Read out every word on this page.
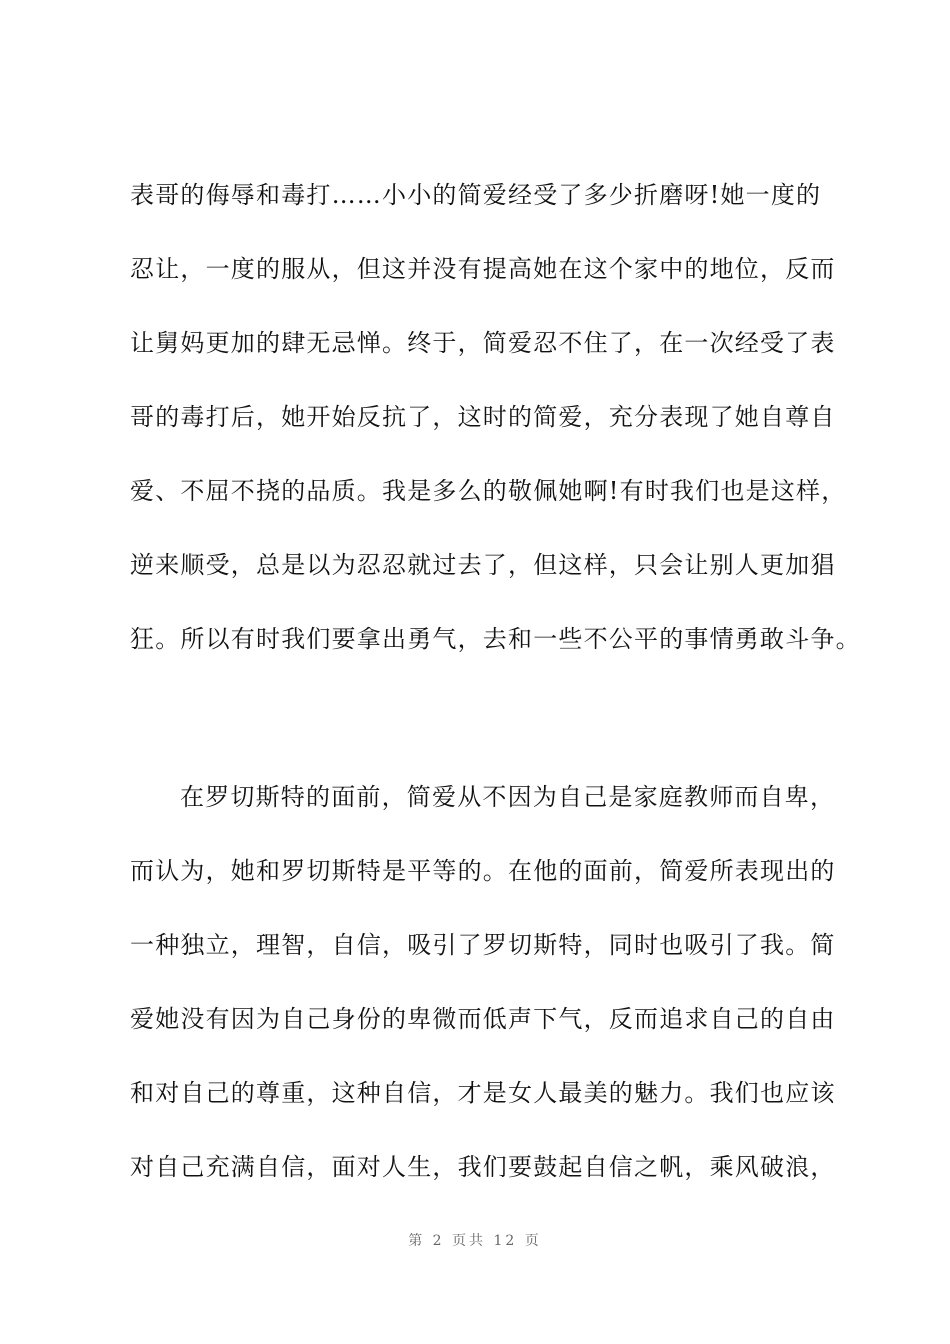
表哥的侮辱和毒打……小小的简爱经受了多少折磨呀!她一度的
忍让，一度的服从，但这并没有提高她在这个家中的地位，反而
让舅妈更加的肆无忌惮。终于，简爱忍不住了，在一次经受了表
哥的毒打后，她开始反抗了，这时的简爱，充分表现了她自尊自
爱、不屈不挠的品质。我是多么的敬佩她啊!有时我们也是这样，
逆来顺受，总是以为忍忍就过去了，但这样，只会让别人更加猖
狂。所以有时我们要拿出勇气，去和一些不公平的事情勇敢斗争。
在罗切斯特的面前，简爱从不因为自己是家庭教师而自卑，
而认为，她和罗切斯特是平等的。在他的面前，简爱所表现出的
一种独立，理智，自信，吸引了罗切斯特，同时也吸引了我。简
爱她没有因为自己身份的卑微而低声下气，反而追求自己的自由
和对自己的尊重，这种自信，才是女人最美的魅力。我们也应该
对自己充满自信，面对人生，我们要鼓起自信之帆，乘风破浪，
第 2 页共 12 页
